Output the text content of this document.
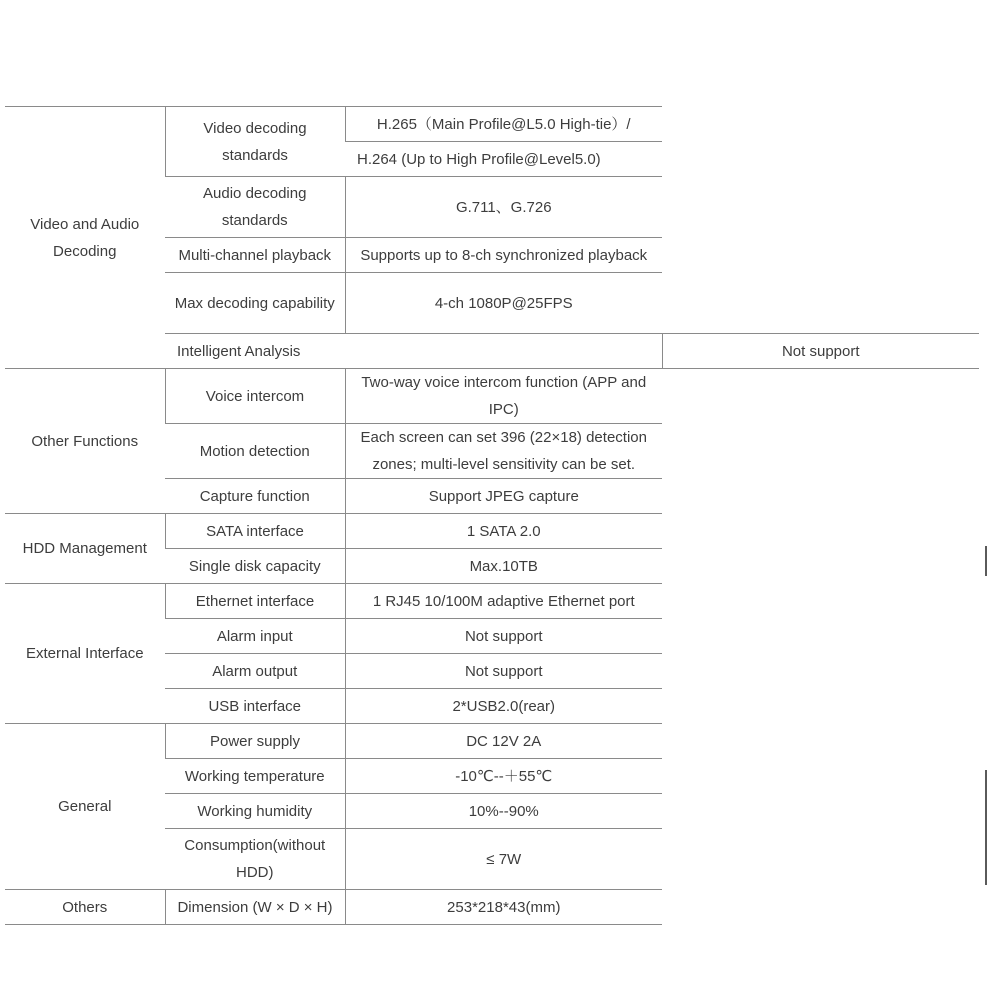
Video and Audio Decoding	Video decoding standards	H.265（Main Profile@L5.0 High-tie）/	
		H.264 (Up to High Profile@Level5.0)	
	Audio decoding standards	G.711、G.726	
	Multi-channel playback	Supports up to 8-ch synchronized playback	
	Max decoding capability	4-ch 1080P@25FPS	
	Intelligent Analysis		Not support
Other Functions	Voice intercom	Two-way voice intercom function (APP and IPC)	
	Motion detection	Each screen can set 396 (22×18) detection zones; multi-level sensitivity can be set.	
	Capture function	Support JPEG capture	
HDD Management	SATA interface	1 SATA 2.0	
	Single disk capacity	Max.10TB	
External Interface	Ethernet interface	1 RJ45 10/100M adaptive Ethernet port	
	Alarm input	Not support	
	Alarm output	Not support	
	USB interface	2*USB2.0(rear)	
General	Power supply	DC 12V 2A	
	Working temperature	-10℃--＋55℃	
	Working humidity	10%--90%	
	Consumption(without HDD)	≤ 7W	
Others	Dimension (W × D × H)	253*218*43(mm)	
